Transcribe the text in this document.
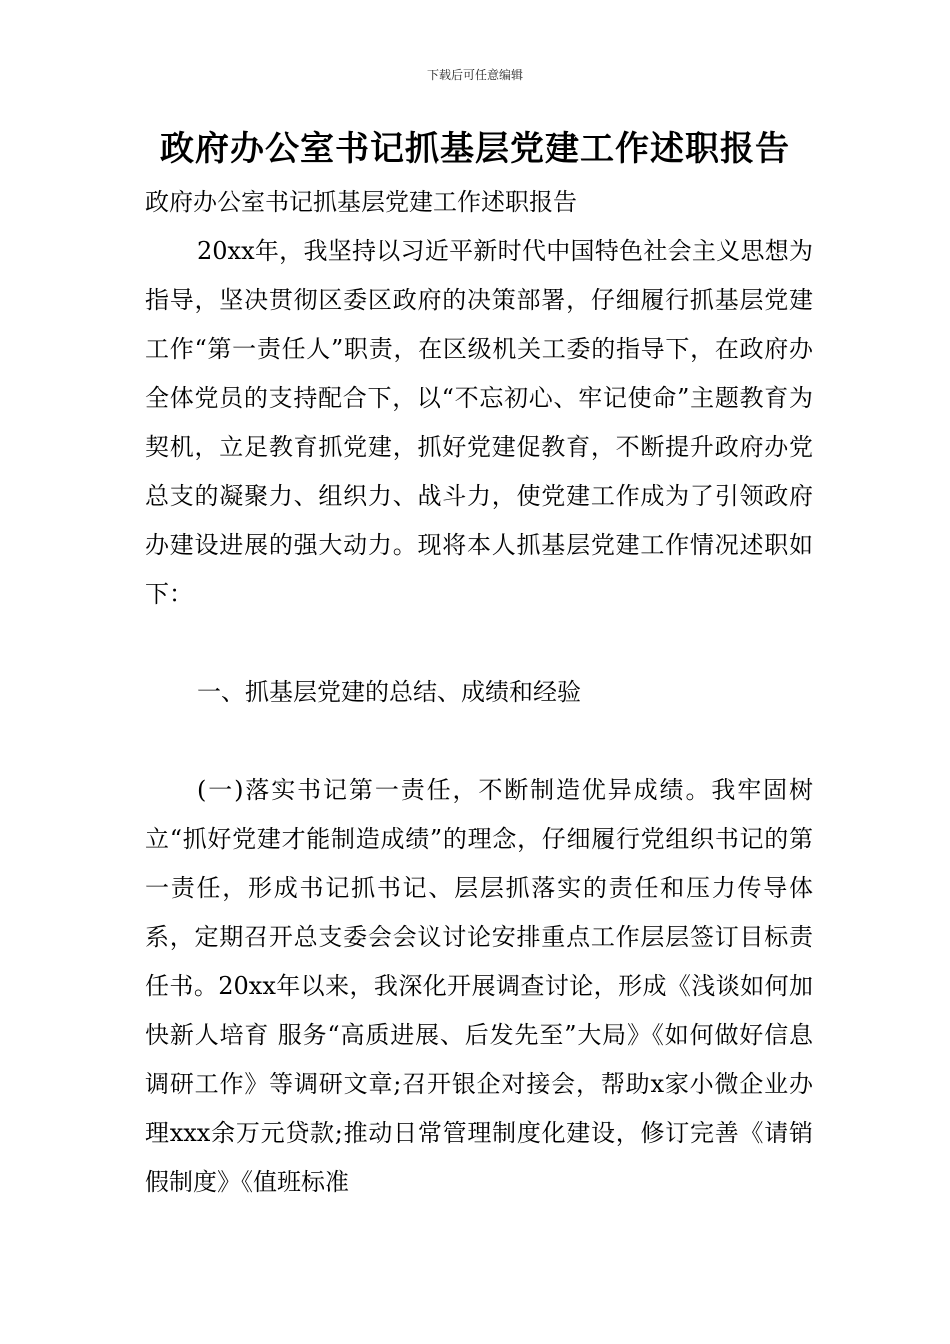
下载后可任意编辑
政府办公室书记抓基层党建工作述职报告

政府办公室书记抓基层党建工作述职报告

20xx年，我坚持以习近平新时代中国特色社会主义思想为指导，坚决贯彻区委区政府的决策部署，仔细履行抓基层党建工作“第一责任人”职责，在区级机关工委的指导下，在政府办全体党员的支持配合下，以“不忘初心、牢记使命”主题教育为契机，立足教育抓党建，抓好党建促教育，不断提升政府办党总支的凝聚力、组织力、战斗力，使党建工作成为了引领政府办建设进展的强大动力。现将本人抓基层党建工作情况述职如下：

一、抓基层党建的总结、成绩和经验

(一)落实书记第一责任，不断制造优异成绩。我牢固树立“抓好党建才能制造成绩”的理念，仔细履行党组织书记的第一责任，形成书记抓书记、层层抓落实的责任和压力传导体系，定期召开总支委会会议讨论安排重点工作层层签订目标责任书。20xx年以来，我深化开展调查讨论，形成《浅谈如何加快新人培育 服务“高质进展、后发先至”大局》《如何做好信息调研工作》等调研文章;召开银企对接会，帮助x家小微企业办理xxx余万元贷款;推动日常管理制度化建设，修订完善《请销假制度》《值班标准
